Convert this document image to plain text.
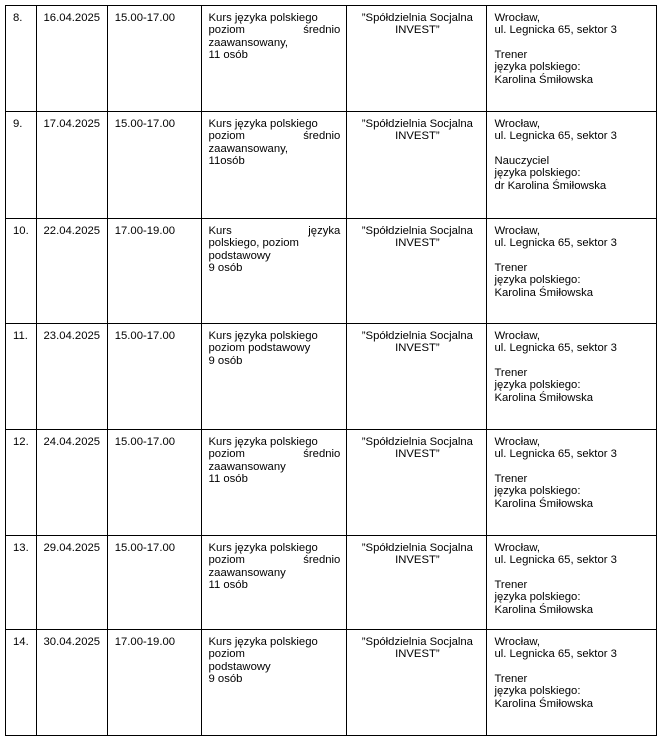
8.	16.04.2025	15.00-17.00	Kurs języka polskiego
poziom średnio
zaawansowany,
11 osób	”Spółdzielnia Socjalna
INVEST”	Wrocław,
ul. Legnicka 65, sektor 3
Trener
języka polskiego:
Karolina Śmiłowska

9.	17.04.2025	15.00-17.00	Kurs języka polskiego
poziom średnio
zaawansowany,
11osób	”Spółdzielnia Socjalna
INVEST”	Wrocław,
ul. Legnicka 65, sektor 3
Nauczyciel
języka polskiego:
dr Karolina Śmiłowska

10.	22.04.2025	17.00-19.00	Kurs języka
polskiego, poziom
podstawowy
9 osób	”Spółdzielnia Socjalna
INVEST”	Wrocław,
ul. Legnicka 65, sektor 3
Trener
języka polskiego:
Karolina Śmiłowska

11.	23.04.2025	15.00-17.00	Kurs języka polskiego
poziom podstawowy
9 osób	”Spółdzielnia Socjalna
INVEST”	Wrocław,
ul. Legnicka 65, sektor 3
Trener
języka polskiego:
Karolina Śmiłowska

12.	24.04.2025	15.00-17.00	Kurs języka polskiego
poziom średnio
zaawansowany
11 osób	”Spółdzielnia Socjalna
INVEST”	Wrocław,
ul. Legnicka 65, sektor 3
Trener
języka polskiego:
Karolina Śmiłowska

13.	29.04.2025	15.00-17.00	Kurs języka polskiego
poziom średnio
zaawansowany
11 osób	”Spółdzielnia Socjalna
INVEST”	Wrocław,
ul. Legnicka 65, sektor 3
Trener
języka polskiego:
Karolina Śmiłowska

14.	30.04.2025	17.00-19.00	Kurs języka polskiego
poziom
podstawowy
9 osób	”Spółdzielnia Socjalna
INVEST”	Wrocław,
ul. Legnicka 65, sektor 3
Trener
języka polskiego:
Karolina Śmiłowska
